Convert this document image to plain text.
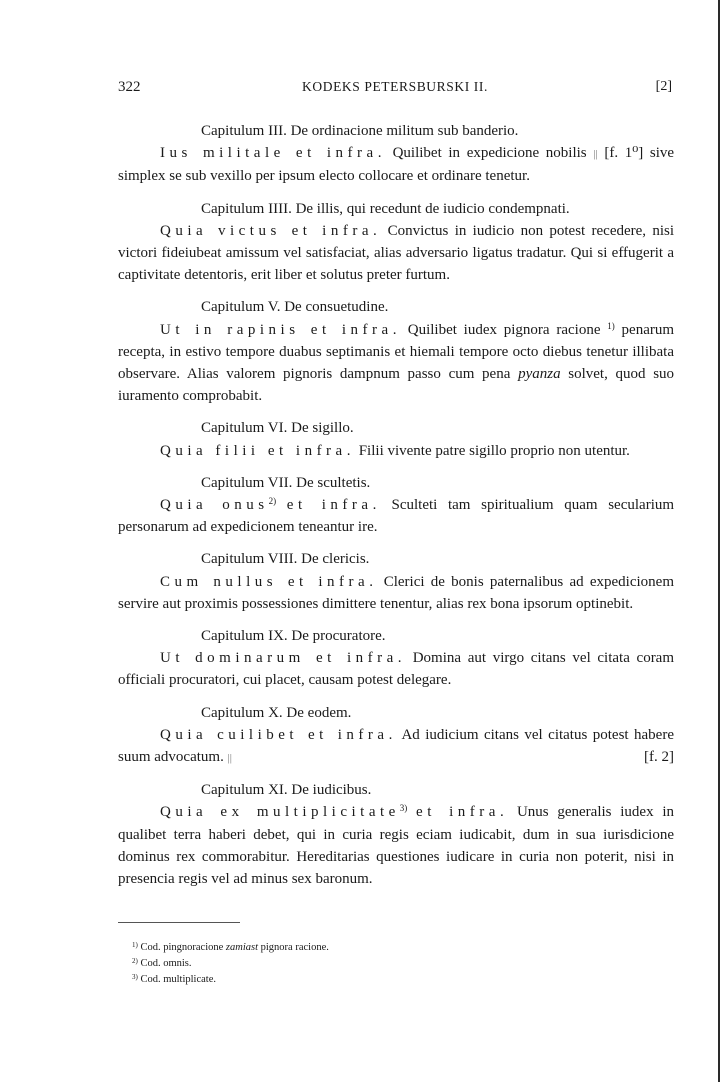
322	KODEKS PETERSBURSKI II.	[2]

Capitulum III. De ordinacione militum sub banderio.

Ius militale et infra. Quilibet in expedicione nobilis || [f. 1⁰] sive simplex se sub vexillo per ipsum electo collocare et ordinare tenetur.

Capitulum IIII. De illis, qui recedunt de iudicio condempnati.

Quia victus et infra. Convictus in iudicio non potest recedere, nisi victori fideiubeat amissum vel satisfaciat, alias adversario ligatus tradatur. Qui si effugerit a captivitate detentoris, erit liber et solutus preter furtum.

Capitulum V. De consuetudine.

Ut in rapinis et infra. Quilibet iudex pignora racione $^{1)}$ penarum recepta, in estivo tempore duabus septimanis et hiemali tempore octo diebus tenetur illibata observare. Alias valorem pignoris dampnum passo cum pena pyanza solvet, quod suo iuramento comprobabit.

Capitulum VI. De sigillo.

Quia filii et infra. Filii vivente patre sigillo proprio non utentur.

Capitulum VII. De scultetis.

Quia onus$^{2)}$ et infra. Sculteti tam spiritualium quam secularium personarum ad expedicionem teneantur ire.

Capitulum VIII. De clericis.

Cum nullus et infra. Clerici de bonis paternalibus ad expedicionem servire aut proximis possessiones dimittere tenentur, alias rex bona ipsorum optinebit.

Capitulum IX. De procuratore.

Ut dominarum et infra. Domina aut virgo citans vel citata coram officiali procuratori, cui placet, causam potest delegare.

Capitulum X. De eodem.

Quia cuilibet et infra. Ad iudicium citans vel citatus potest habere suum advocatum. ||	[f. 2]

Capitulum XI. De iudicibus.

Quia ex multiplicitate$^{3)}$ et infra. Unus generalis iudex in qualibet terra haberi debet, qui in curia regis eciam iudicabit, dum in sua iurisdicione dominus rex commorabitur. Hereditarias questiones iudicare in curia non poterit, nisi in presencia regis vel ad minus sex baronum.

$^{1)}$ Cod. pingnoracione zamiast pignora racione.

$^{2)}$ Cod. omnis.

$^{3)}$ Cod. multiplicate.
